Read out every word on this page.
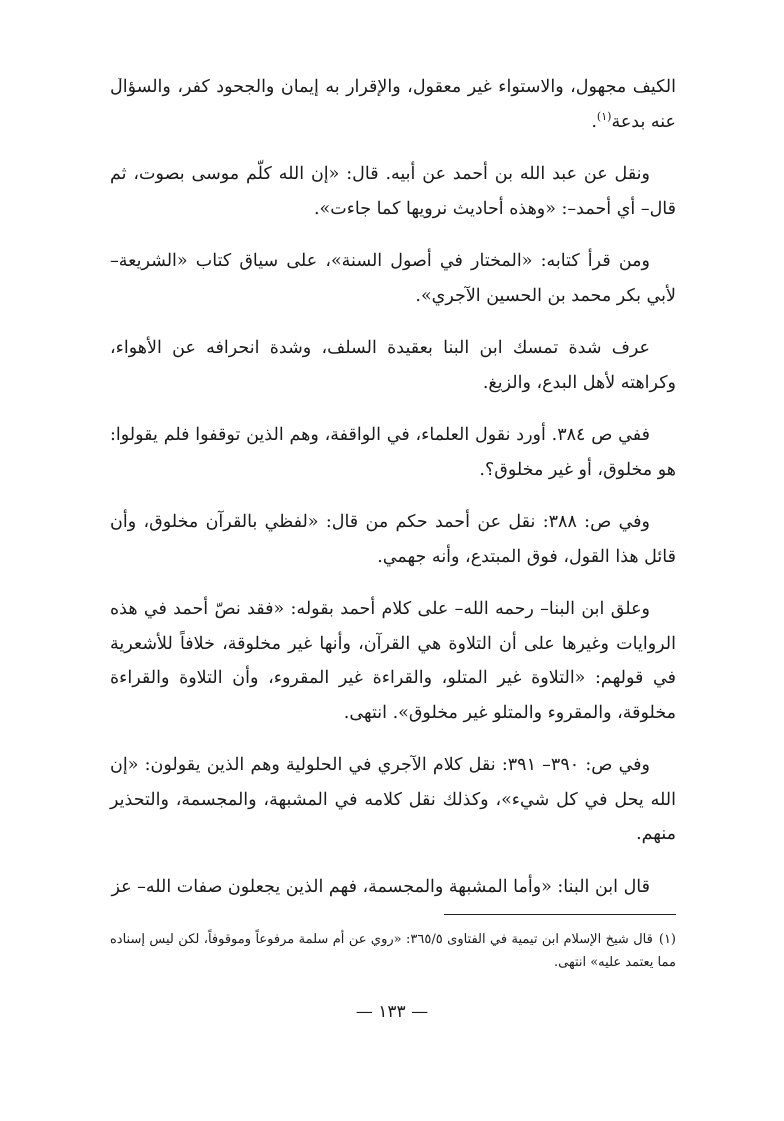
الكيف مجهول، والاستواء غير معقول، والإقرار به إيمان والجحود كفر، والسؤال عنه بدعة$^{(١)}$.

ونقل عن عبد الله بن أحمد عن أبيه. قال: «إن الله كلّم موسى بصوت، ثم قال– أي أحمد–: «وهذه أحاديث نرويها كما جاءت».

ومن قرأ كتابه: «المختار في أصول السنة»، على سياق كتاب «الشريعة– لأبي بكر محمد بن الحسين الآجري».

عرف شدة تمسك ابن البنا بعقيدة السلف، وشدة انحرافه عن الأهواء، وكراهته لأهل البدع، والزيغ.

ففي ص ٣٨٤. أورد نقول العلماء، في الواقفة، وهم الذين توقفوا فلم يقولوا: هو مخلوق، أو غير مخلوق؟.

وفي ص: ٣٨٨: نقل عن أحمد حكم من قال: «لفظي بالقرآن مخلوق، وأن قائل هذا القول، فوق المبتدع، وأنه جهمي.

وعلق ابن البنا– رحمه الله– على كلام أحمد بقوله: «فقد نصّ أحمد في هذه الروايات وغيرها على أن التلاوة هي القرآن، وأنها غير مخلوقة، خلافاً للأشعرية في قولهم: «التلاوة غير المتلو، والقراءة غير المقروء، وأن التلاوة والقراءة مخلوقة، والمقروء والمتلو غير مخلوق». انتهى.

وفي ص: ٣٩٠– ٣٩١: نقل كلام الآجري في الحلولية وهم الذين يقولون: «إن الله يحل في كل شيء»، وكذلك نقل كلامه في المشبهة، والمجسمة، والتحذير منهم.

قال ابن البنا: «وأما المشبهة والمجسمة، فهم الذين يجعلون صفات الله– عز

(١)قال شيخ الإسلام ابن تيمية في الفتاوى ٣٦٥/٥: «روي عن أم سلمة مرفوعاً وموقوفاً، لكن ليس إسناده مما يعتمد عليه» انتهى.
— ١٣٣ —
